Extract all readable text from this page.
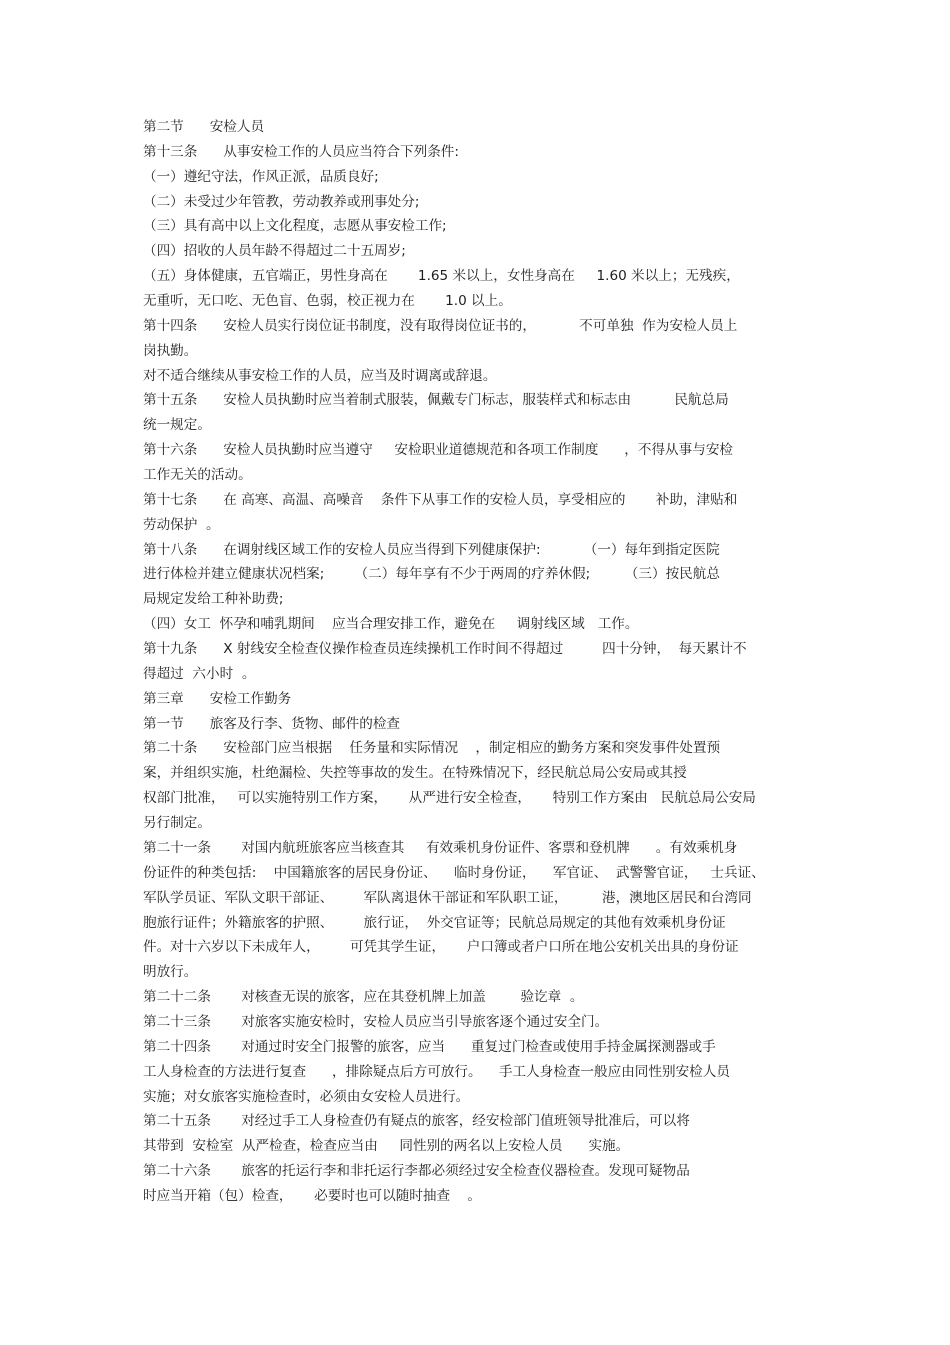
第二节      安检人员
第十三条      从事安检工作的人员应当符合下列条件:
（一）遵纪守法，作风正派，品质良好;
（二）未受过少年管教，劳动教养或刑事处分;
（三）具有高中以上文化程度，志愿从事安检工作;
（四）招收的人员年龄不得超过二十五周岁;
（五）身体健康，五官端正，男性身高在       1.65 米以上，女性身高在     1.60 米以上；无残疾，
无重听，无口吃、无色盲、色弱，校正视力在       1.0 以上。
第十四条      安检人员实行岗位证书制度，没有取得岗位证书的，          不可单独  作为安检人员上
岗执勤。
对不适合继续从事安检工作的人员，应当及时调离或辞退。
第十五条      安检人员执勤时应当着制式服装，佩戴专门标志，服装样式和标志由          民航总局
统一规定。
第十六条      安检人员执勤时应当遵守     安检职业道德规范和各项工作制度      ，不得从事与安检
工作无关的活动。
第十七条      在 高寒、高温、高噪音    条件下从事工作的安检人员，享受相应的       补助，津贴和
劳动保护  。
第十八条      在调射线区域工作的安检人员应当得到下列健康保护:          （一）每年到指定医院
进行体检并建立健康状况档案;       （二）每年享有不少于两周的疗养休假;        （三）按民航总
局规定发给工种补助费;
（四）女工  怀孕和哺乳期间    应当合理安排工作，避免在     调射线区域   工作。
第十九条      X 射线安全检查仪操作检查员连续操机工作时间不得超过         四十分钟，  每天累计不
得超过  六小时  。
第三章      安检工作勤务
第一节      旅客及行李、货物、邮件的检查
第二十条      安检部门应当根据    任务量和实际情况    ，制定相应的勤务方案和突发事件处置预
案，并组织实施，杜绝漏检、失控等事故的发生。在特殊情况下，经民航总局公安局或其授
权部门批准，   可以实施特别工作方案，     从严进行安全检查，     特别工作方案由   民航总局公安局
另行制定。
第二十一条       对国内航班旅客应当核查其     有效乘机身份证件、客票和登机牌      。有效乘机身
份证件的种类包括:    中国籍旅客的居民身份证、    临时身份证，    军官证、  武警警官证，   士兵证、
军队学员证、军队文职干部证、       军队离退休干部证和军队职工证，        港，澳地区居民和台湾同
胞旅行证件；外籍旅客的护照、       旅行证，  外交官证等；民航总局规定的其他有效乘机身份证
件。对十六岁以下未成年人，       可凭其学生证，     户口簿或者户口所在地公安机关出具的身份证
明放行。
第二十二条       对核查无误的旅客，应在其登机牌上加盖        验讫章  。
第二十三条       对旅客实施安检时，安检人员应当引导旅客逐个通过安全门。
第二十四条       对通过时安全门报警的旅客，应当      重复过门检查或使用手持金属探测器或手
工人身检查的方法进行复查      ，排除疑点后方可放行。    手工人身检查一般应由同性别安检人员
实施；对女旅客实施检查时，必须由女安检人员进行。
第二十五条       对经过手工人身检查仍有疑点的旅客，经安检部门值班领导批准后，可以将
其带到  安检室  从严检查，检查应当由     同性别的两名以上安检人员      实施。
第二十六条       旅客的托运行李和非托运行李都必须经过安全检查仪器检查。发现可疑物品
时应当开箱（包）检查，     必要时也可以随时抽查    。
